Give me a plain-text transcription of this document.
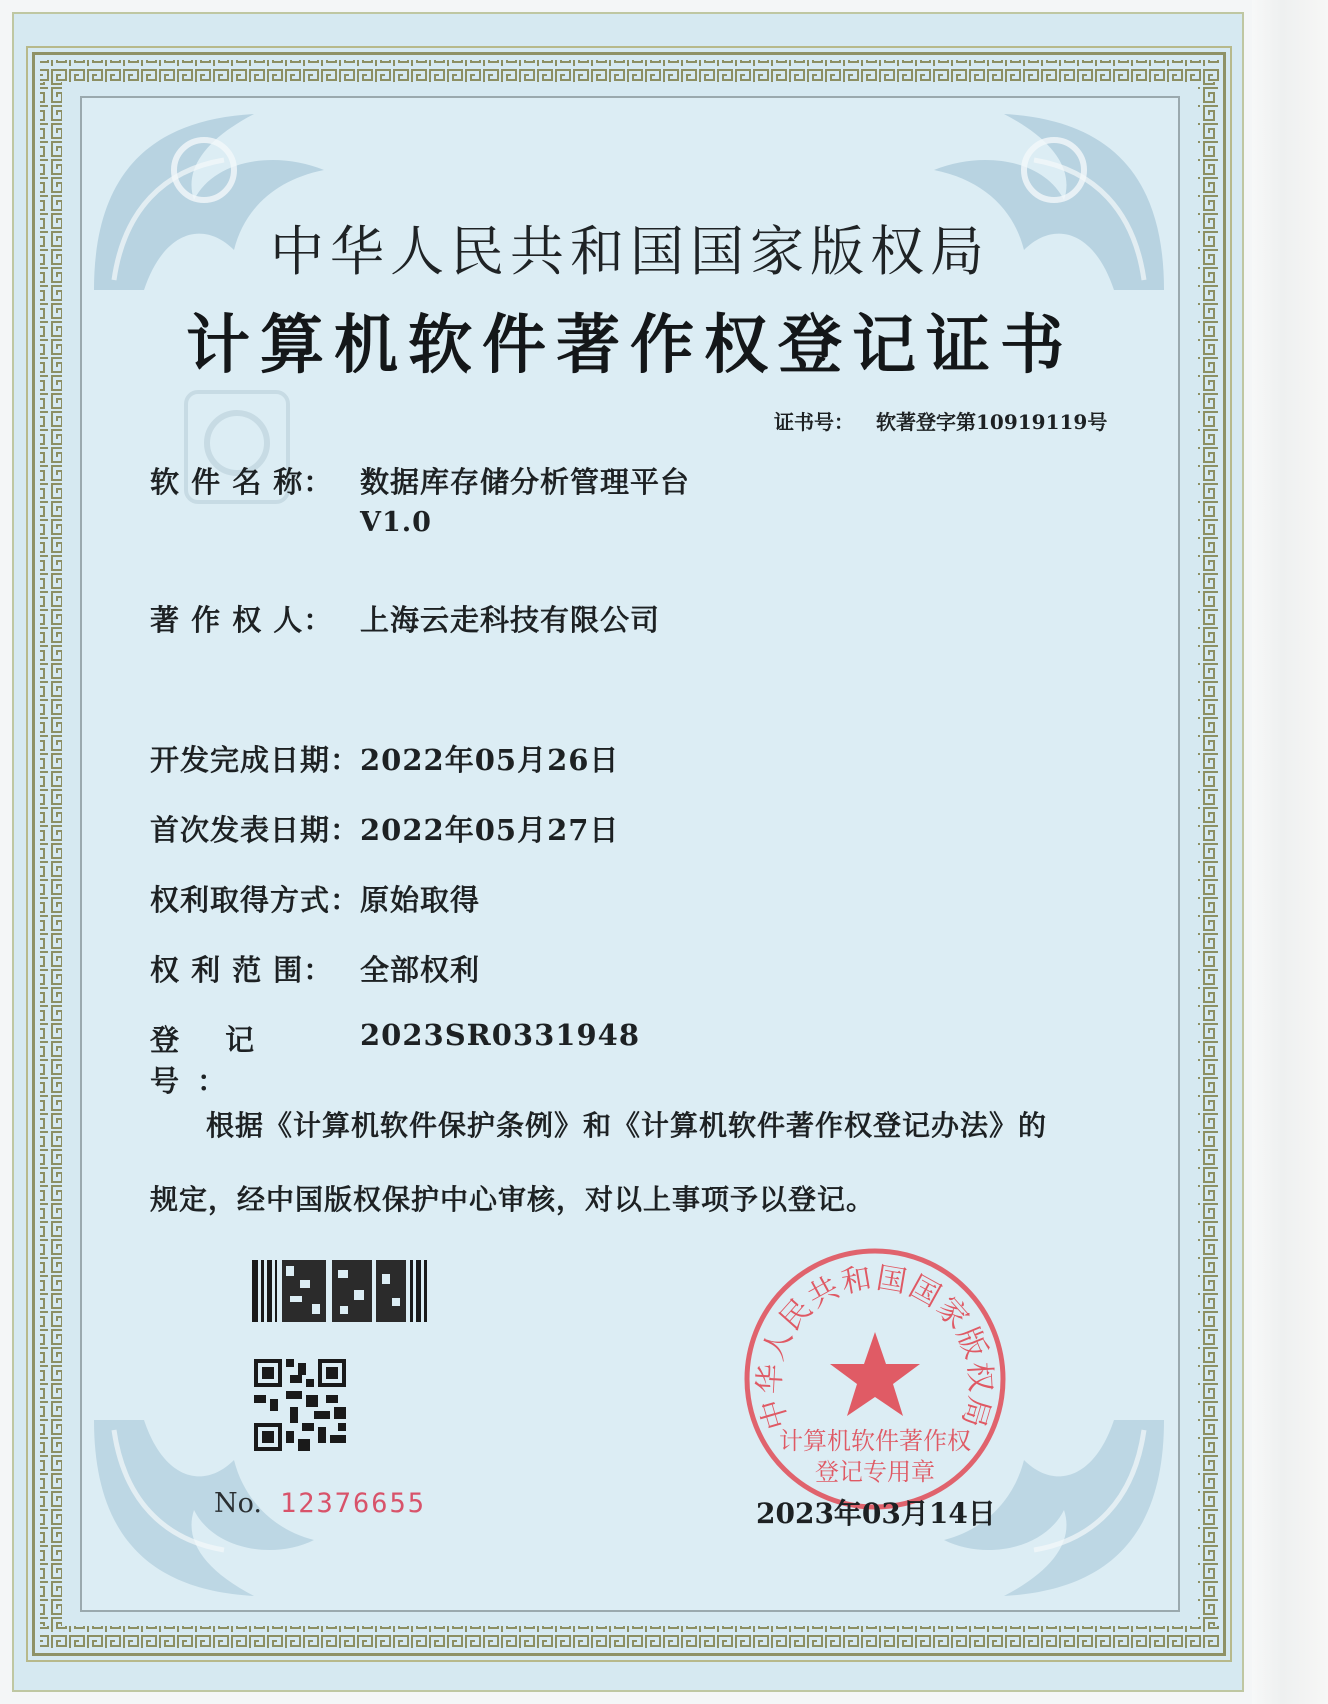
中华人民共和国国家版权局
计算机软件著作权登记证书
证书号： 软著登字第10919119号
软 件 名 称： 数据库存储分析管理平台
V1.0
著 作 权 人： 上海云走科技有限公司
开发完成日期：2022年05月26日
首次发表日期：2022年05月27日
权利取得方式：原始取得
权 利 范 围： 全部权利
登 记 号：2023SR0331948
根据《计算机软件保护条例》和《计算机软件著作权登记办法》的
规定，经中国版权保护中心审核，对以上事项予以登记。
No. 12376655
中华人民共和国国家版权局
计算机软件著作权
登记专用章
2023年03月14日
